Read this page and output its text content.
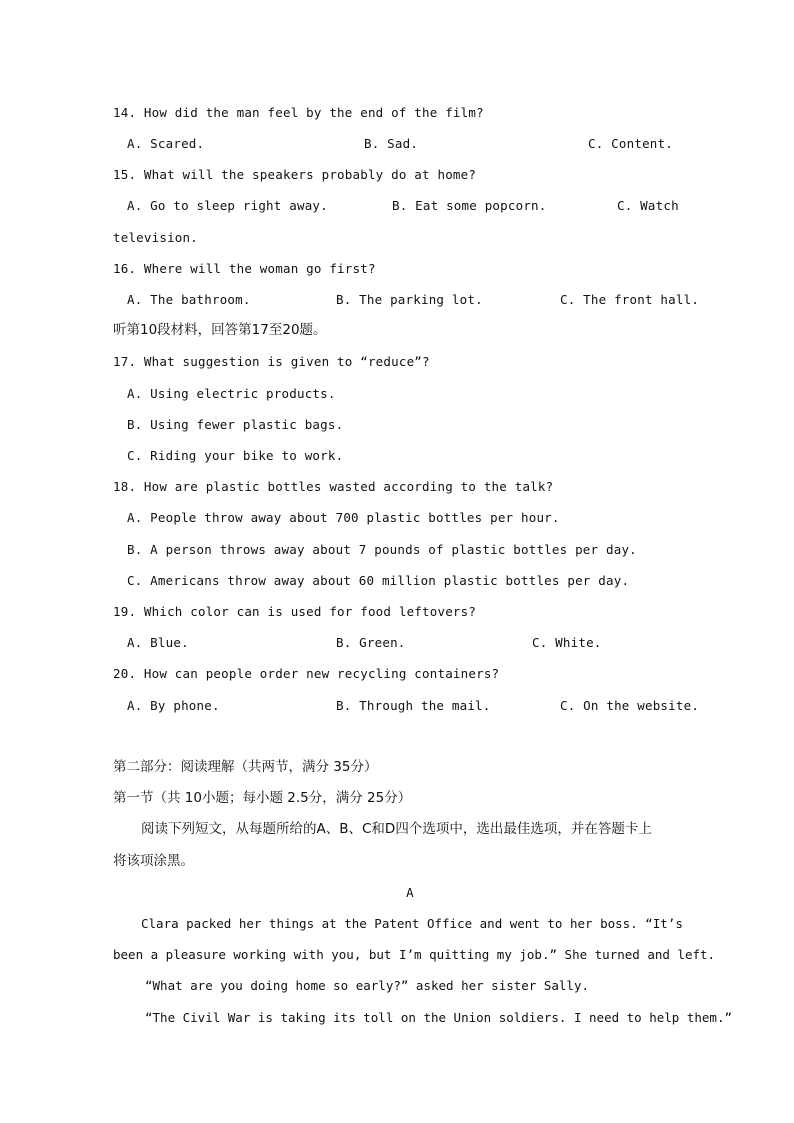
14. How did the man feel by the end of the film?
A. Scared.	B. Sad.	C. Content.
15. What will the speakers probably do at home?
A. Go to sleep right away.	B. Eat some popcorn.	C. Watch
television.
16. Where will the woman go first?
A. The bathroom.	B. The parking lot.	C. The front hall.
听第10段材料，回答第17至20题。
17. What suggestion is given to “reduce”?
A. Using electric products.
B. Using fewer plastic bags.
C. Riding your bike to work.
18. How are plastic bottles wasted according to the talk?
A. People throw away about 700 plastic bottles per hour.
B. A person throws away about 7 pounds of plastic bottles per day.
C. Americans throw away about 60 million plastic bottles per day.
19. Which color can is used for food leftovers?
A. Blue.	B. Green.	C. White.
20. How can people order new recycling containers?
A. By phone.	B. Through the mail.	C. On the website.
第二部分：阅读理解（共两节，满分 35分）
第一节（共 10小题；每小题 2.5分，满分 25分）
阅读下列短文，从每题所给的A、B、C和D四个选项中，选出最佳选项，并在答题卡上
将该项涂黑。
A
Clara packed her things at the Patent Office and went to her boss. “It’s
been a pleasure working with you, but I’m quitting my job.” She turned and left.
“What are you doing home so early?” asked her sister Sally.
“The Civil War is taking its toll on the Union soldiers. I need to help them.”
